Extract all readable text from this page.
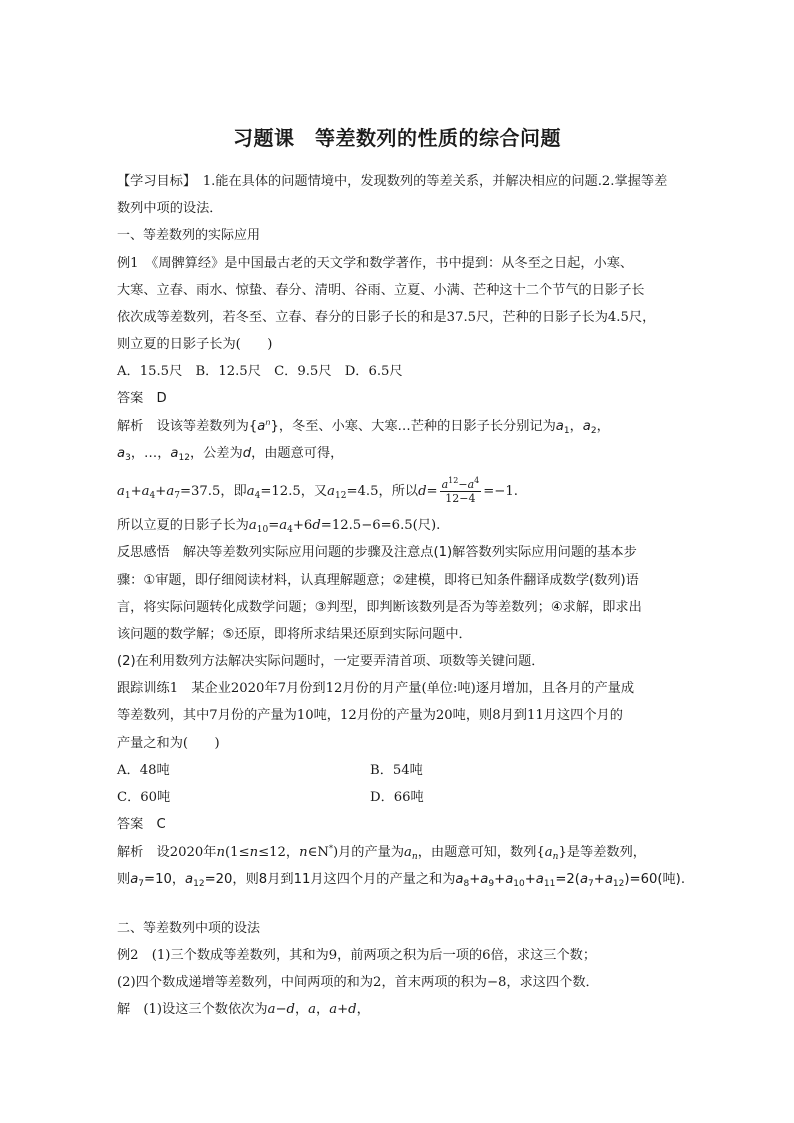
习题课　等差数列的性质的综合问题
【学习目标】　1.能在具体的问题情境中，发现数列的等差关系，并解决相应的问题.2.掌握等差
数列中项的设法．
一、等差数列的实际应用
例1　《周髀算经》是中国最古老的天文学和数学著作，书中提到：从冬至之日起，小寒、
大寒、立春、雨水、惊蛰、春分、清明、谷雨、立夏、小满、芒种这十二个节气的日影子长
依次成等差数列，若冬至、立春、春分的日影子长的和是37.5尺，芒种的日影子长为4.5尺，
则立夏的日影子长为(　　)
A．15.5尺　B．12.5尺　C．9.5尺　D．6.5尺
答案　D
解析　 设该等差数列为$\{a^n\}$，冬至、小寒、大寒…芒种的日影子长分别记为$a_1$，$a_2$，
$a_3$，…，$a_{12}$，公差为d，由题意可得，
$a_1+a_4+a_7=37.5$，即$a_4=12.5$，又$a_{12}=4.5$，所以$d= \frac{a^{12}-a^4}{12-4} =-1$.
所以立夏的日影子长为$a_{10}=a_4+6d=12.5-6=6.5$(尺).
反思感悟　解决等差数列实际应用问题的步骤及注意点(1)解答数列实际应用问题的基本步
骤：①审题，即仔细阅读材料，认真理解题意；②建模，即将已知条件翻译成数学(数列)语
言，将实际问题转化成数学问题；③判型，即判断该数列是否为等差数列；④求解，即求出
该问题的数学解；⑤还原，即将所求结果还原到实际问题中．
(2)在利用数列方法解决实际问题时，一定要弄清首项、项数等关键问题．
跟踪训练1　某企业2020年7月份到12月份的月产量(单位:吨)逐月增加，且各月的产量成
等差数列，其中7月份的产量为10吨，12月份的产量为20吨，则8月到11月这四个月的
产量之和为(　　)
A．48吨	B．54吨
C．60吨	D．66吨
答案　C
解析　设2020年n(1≤n≤12，n∈N*)月的产量为$a_n$，由题意可知，数列$\{a_n\}$是等差数列，
则$a_7=10$，$a_{12}=20$，则8月到11月这四个月的产量之和为$a_8+a_9+a_{10}+a_{11}=2(a_7+a_{12})=60$(吨).
二、等差数列中项的设法
例2　(1)三个数成等差数列，其和为9，前两项之积为后一项的6倍，求这三个数；
(2)四个数成递增等差数列，中间两项的和为2，首末两项的积为−8，求这四个数．
解　(1)设这三个数依次为a−d，a，a+d，
